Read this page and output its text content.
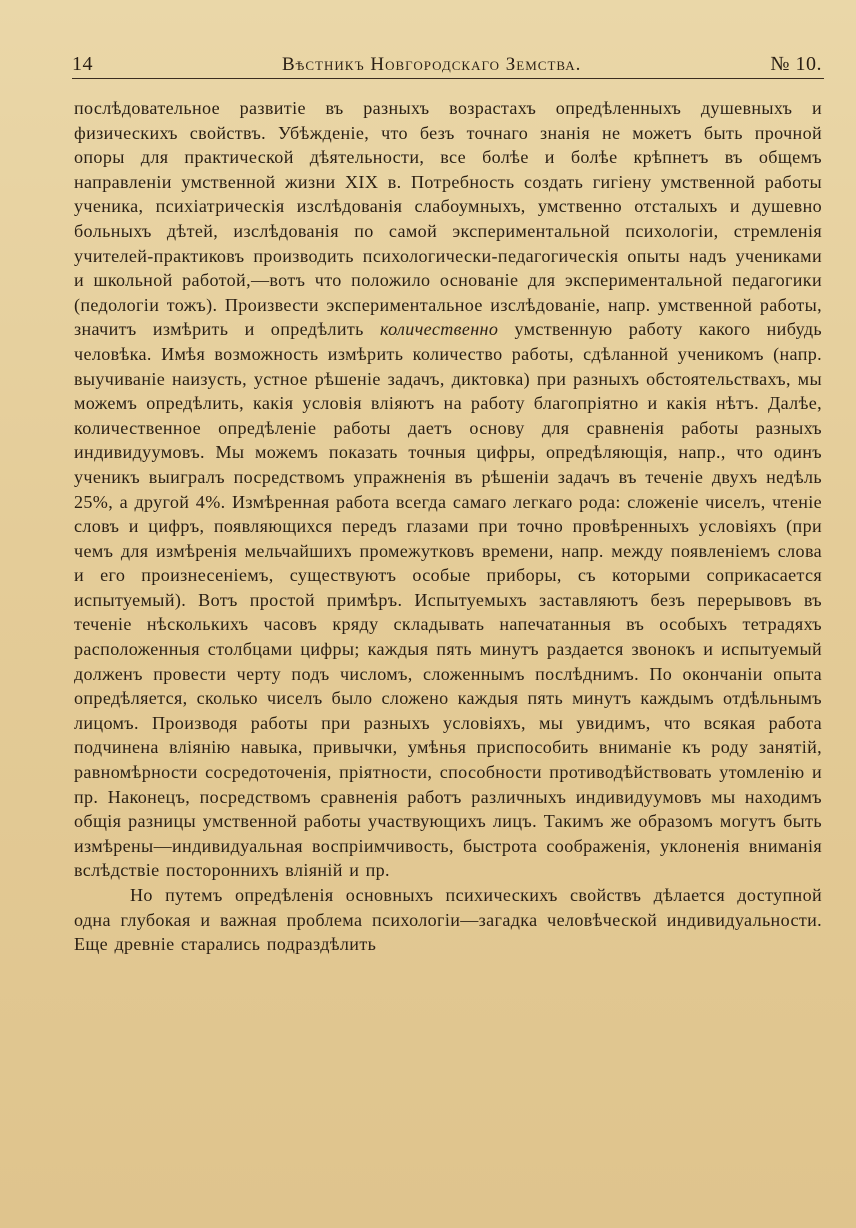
14	Вѣстникъ Новгородскаго Земства.	№ 10.

послѣдовательное развитіе въ разныхъ возрастахъ опредѣленныхъ душевныхъ и физическихъ свойствъ. Убѣжденіе, что безъ точнаго знанія не можетъ быть прочной опоры для практической дѣятельности, все болѣе и болѣе крѣпнетъ въ общемъ направленіи умственной жизни XIX в. Потребность создать гигіену умственной работы ученика, психіатрическія изслѣдованія слабоумныхъ, умственно отсталыхъ и душевно больныхъ дѣтей, изслѣдованія по самой экспериментальной психологіи, стремленія учителей-практиковъ производить психологически-педагогическія опыты надъ учениками и школьной работой,—вотъ что положило основаніе для экспериментальной педагогики (педологіи тожъ). Произвести экспериментальное изслѣдованіе, напр. умственной работы, значитъ измѣрить и опредѣлить количественно умственную работу какого нибудь человѣка. Имѣя возможность измѣрить количество работы, сдѣланной ученикомъ (напр. выучиваніе наизусть, устное рѣшеніе задачъ, диктовка) при разныхъ обстоятельствахъ, мы можемъ опредѣлить, какія условія вліяютъ на работу благопріятно и какія нѣтъ. Далѣе, количественное опредѣленіе работы даетъ основу для сравненія работы разныхъ индивидуумовъ. Мы можемъ показать точныя цифры, опредѣляющія, напр., что одинъ ученикъ выигралъ посредствомъ упражненія въ рѣшеніи задачъ въ теченіе двухъ недѣль 25%, а другой 4%. Измѣренная работа всегда самаго легкаго рода: сложеніе чиселъ, чтеніе словъ и цифръ, появляющихся передъ глазами при точно провѣренныхъ условіяхъ (при чемъ для измѣренія мельчайшихъ промежутковъ времени, напр. между появленіемъ слова и его произнесеніемъ, существуютъ особые приборы, съ которыми соприкасается испытуемый). Вотъ простой примѣръ. Испытуемыхъ заставляютъ безъ перерывовъ въ теченіе нѣсколькихъ часовъ кряду складывать напечатанныя въ особыхъ тетрадяхъ расположенныя столбцами цифры; каждыя пять минутъ раздается звонокъ и испытуемый долженъ провести черту подъ числомъ, сложеннымъ послѣднимъ. По окончаніи опыта опредѣляется, сколько чиселъ было сложено каждыя пять минутъ каждымъ отдѣльнымъ лицомъ. Производя работы при разныхъ условіяхъ, мы увидимъ, что всякая работа подчинена вліянію навыка, привычки, умѣнья приспособить вниманіе къ роду занятій, равномѣрности сосредоточенія, пріятности, способности противодѣйствовать утомленію и пр. Наконецъ, посредствомъ сравненія работъ различныхъ индивидуумовъ мы находимъ общія разницы умственной работы участвующихъ лицъ. Такимъ же образомъ могутъ быть измѣрены—индивидуальная воспріимчивость, быстрота соображенія, уклоненія вниманія вслѣдствіе постороннихъ вліяній и пр.

Но путемъ опредѣленія основныхъ психическихъ свойствъ дѣлается доступной одна глубокая и важная проблема психологіи—загадка человѣческой индивидуальности. Еще древніе старались подраздѣлить
